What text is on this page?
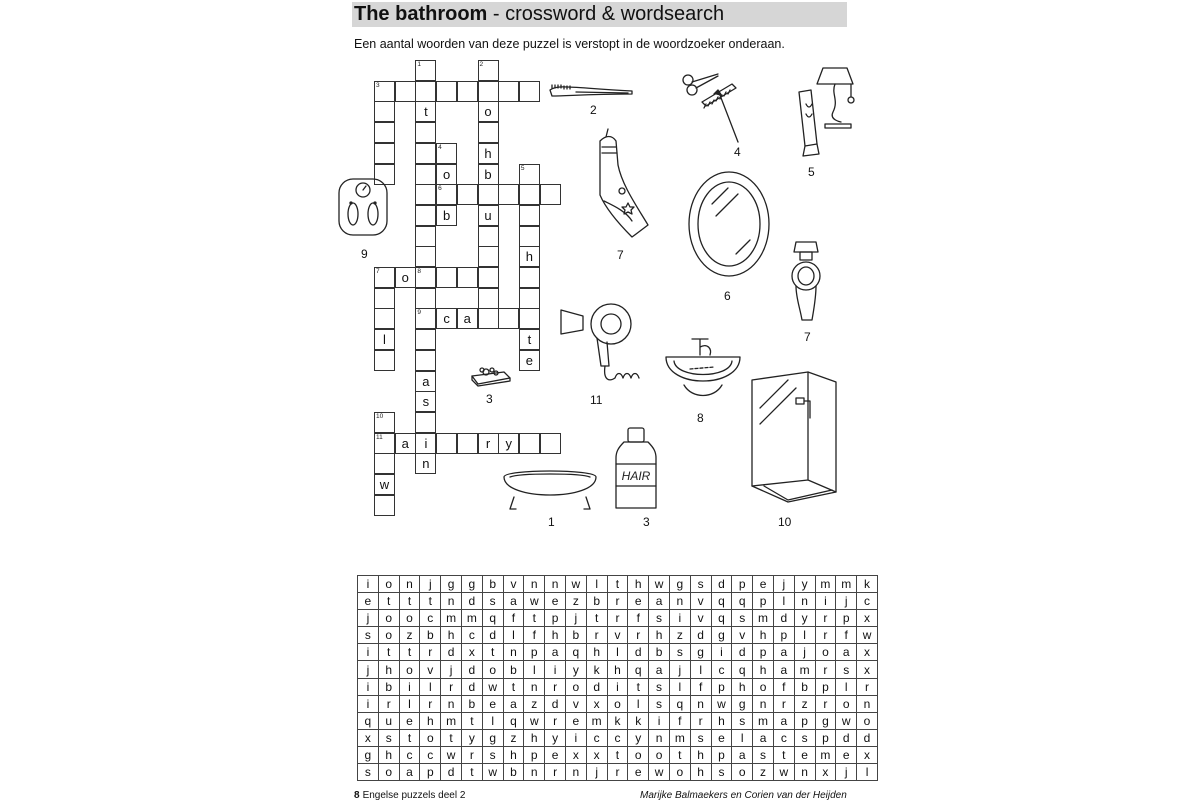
The bathroom - crossword & wordsearch
Een aantal woorden van deze puzzel is verstopt in de woordzoeker onderaan.
1
t
8
9
2
o
h
b
u
3
4
o
6
b
5
h
t
e
7	o
l
a
s
i
n
c	a
10
11
w
a	r	y
2
4
5
9	7
6
7
11
8
3
1
HAIR
3	10
i	o	n	j	g	g	b	v	n	n	w	l	t	h	w	g	s	d	p	e	j	y	m	m	k
e	t	t	t	n	d	s	a	w	e	z	b	r	e	a	n	v	q	q	p	l	n	i	j	c
j	o	o	c	m	m	q	f	t	p	j	t	r	f	s	i	v	q	s	m	d	y	r	p	x
s	o	z	b	h	c	d	l	f	h	b	r	v	r	h	z	d	g	v	h	p	l	r	f	w
i	t	t	r	d	x	t	n	p	a	q	h	l	d	b	s	g	i	d	p	a	j	o	a	x
j	h	o	v	j	d	o	b	l	i	y	k	h	q	a	j	l	c	q	h	a	m	r	s	x
i	b	i	l	r	d	w	t	n	r	o	d	i	t	s	l	f	p	h	o	f	b	p	l	r
i	r	l	r	n	b	e	a	z	d	v	x	o	l	s	q	n	w	g	n	r	z	r	o	n
q	u	e	h	m	t	l	q	w	r	e	m	k	k	i	f	r	h	s	m	a	p	g	w	o
x	s	t	o	t	y	g	z	h	y	i	c	c	y	n	m	s	e	l	a	c	s	p	d	d
g	h	c	c	w	r	s	h	p	e	x	x	t	o	o	t	h	p	a	s	t	e	m	e	x
s	o	a	p	d	t	w	b	n	r	n	j	r	e	w	o	h	s	o	z	w	n	x	j	l
8 Engelse puzzels deel 2	Marijke Balmaekers en Corien van der Heijden
